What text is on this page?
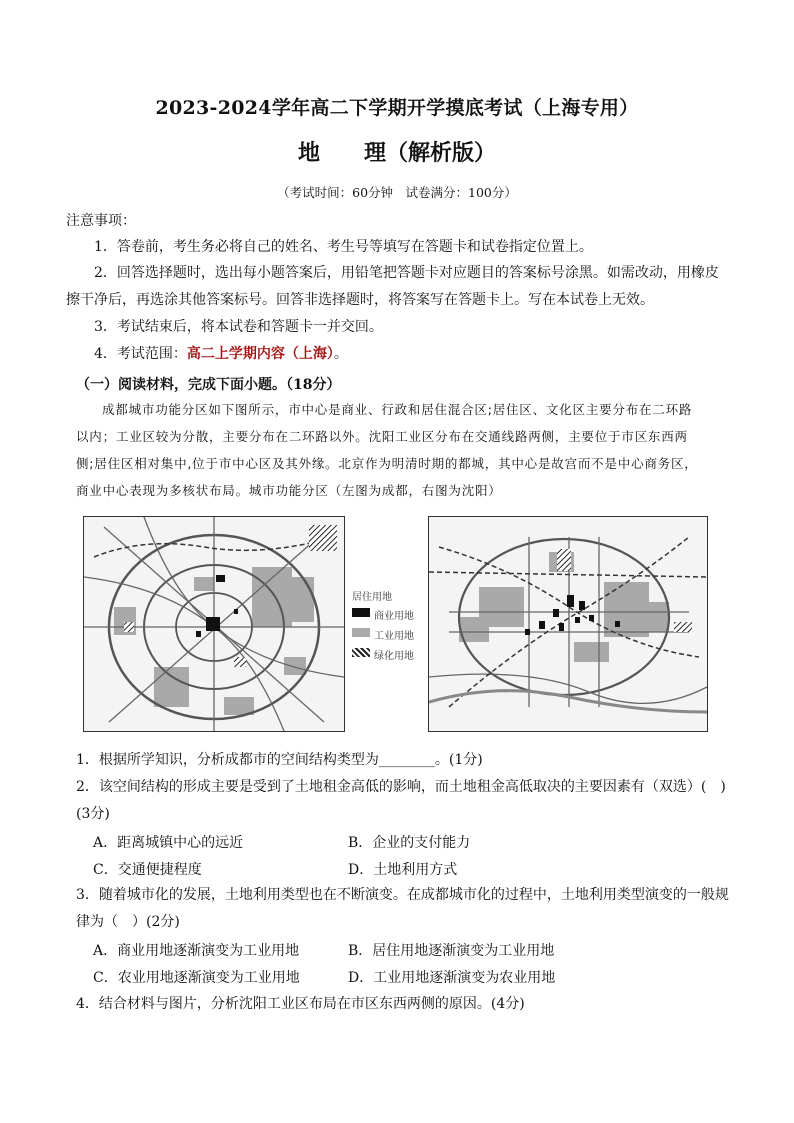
2023-2024学年高二下学期开学摸底考试（上海专用）
地　　理（解析版）
（考试时间：60分钟　试卷满分：100分）
注意事项：
1．答卷前，考生务必将自己的姓名、考生号等填写在答题卡和试卷指定位置上。
2．回答选择题时，选出每小题答案后，用铅笔把答题卡对应题目的答案标号涂黑。如需改动，用橡皮
擦干净后，再选涂其他答案标号。回答非选择题时，将答案写在答题卡上。写在本试卷上无效。
3．考试结束后，将本试卷和答题卡一并交回。
4．考试范围：高二上学期内容（上海）。
（一）阅读材料，完成下面小题。（18分）
成都城市功能分区如下图所示，市中心是商业、行政和居住混合区;居住区、文化区主要分布在二环路
以内；工业区较为分散，主要分布在二环路以外。沈阳工业区分布在交通线路两侧，主要位于市区东西两
侧;居住区相对集中,位于市中心区及其外缘。北京作为明清时期的都城，其中心是故宫而不是中心商务区，
商业中心表现为多核状布局。城市功能分区（左图为成都，右图为沈阳）
居住用地
商业用地
工业用地
绿化用地
1．根据所学知识，分析成都市的空间结构类型为________。(1分)
2．该空间结构的形成主要是受到了土地租金高低的影响，而土地租金高低取决的主要因素有（双选）(　)
(3分)
A．距离城镇中心的远近	B．企业的支付能力
C．交通便捷程度	D．土地利用方式
3．随着城市化的发展，土地利用类型也在不断演变。在成都城市化的过程中，土地利用类型演变的一般规
律为（　）(2分)
A．商业用地逐渐演变为工业用地	B．居住用地逐渐演变为工业用地
C．农业用地逐渐演变为工业用地	D．工业用地逐渐演变为农业用地
4．结合材料与图片，分析沈阳工业区布局在市区东西两侧的原因。(4分)
